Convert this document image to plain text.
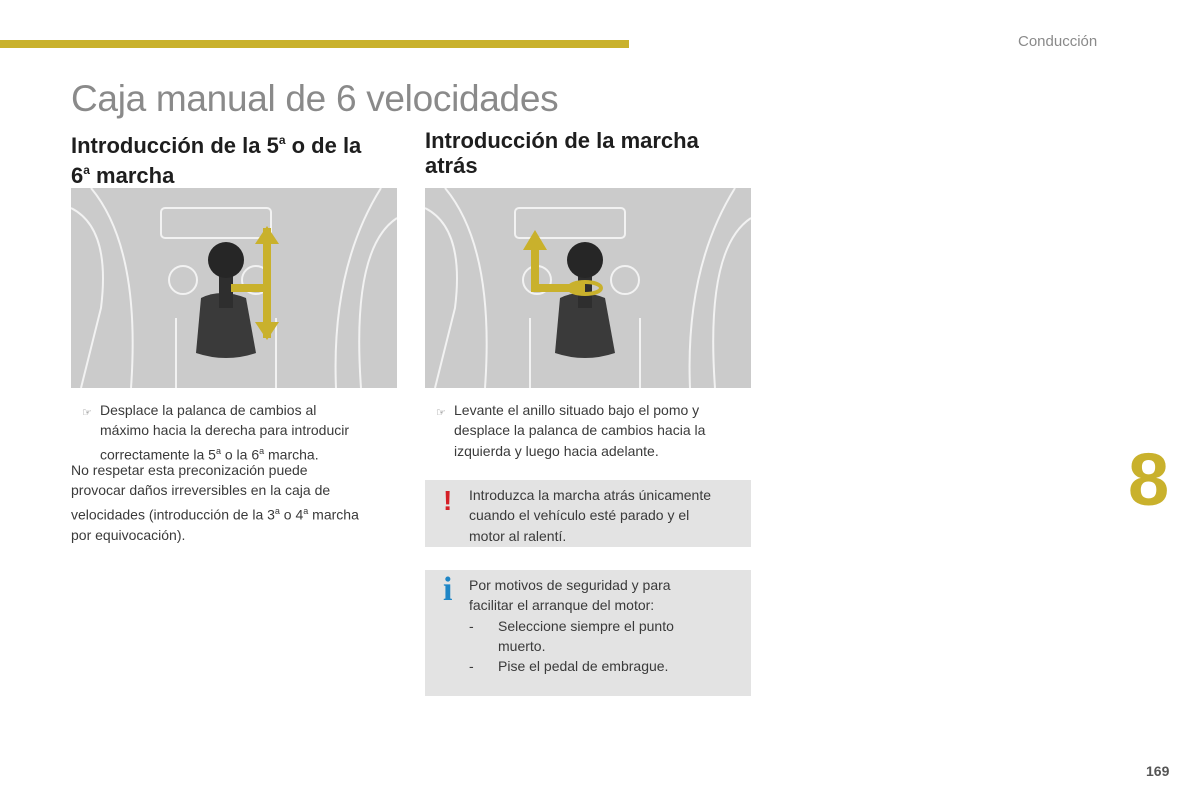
Conducción
Caja manual de 6 velocidades
Introducción de la 5$^a$ o de la
6$^a$ marcha
Introducción de la marcha
atrás
☞ Desplace la palanca de cambios al
máximo hacia la derecha para introducir
correctamente la 5$^a$ o la 6$^a$ marcha.
No respetar esta preconización puede
provocar daños irreversibles en la caja de
velocidades (introducción de la 3$^a$ o 4$^a$ marcha
por equivocación).
☞ Levante el anillo situado bajo el pomo y
desplace la palanca de cambios hacia la
izquierda y luego hacia adelante.
! Introduzca la marcha atrás únicamente
cuando el vehículo esté parado y el
motor al ralentí.
i Por motivos de seguridad y para
facilitar el arranque del motor:
- Seleccione siempre el punto
muerto.
- Pise el pedal de embrague.
8
169
